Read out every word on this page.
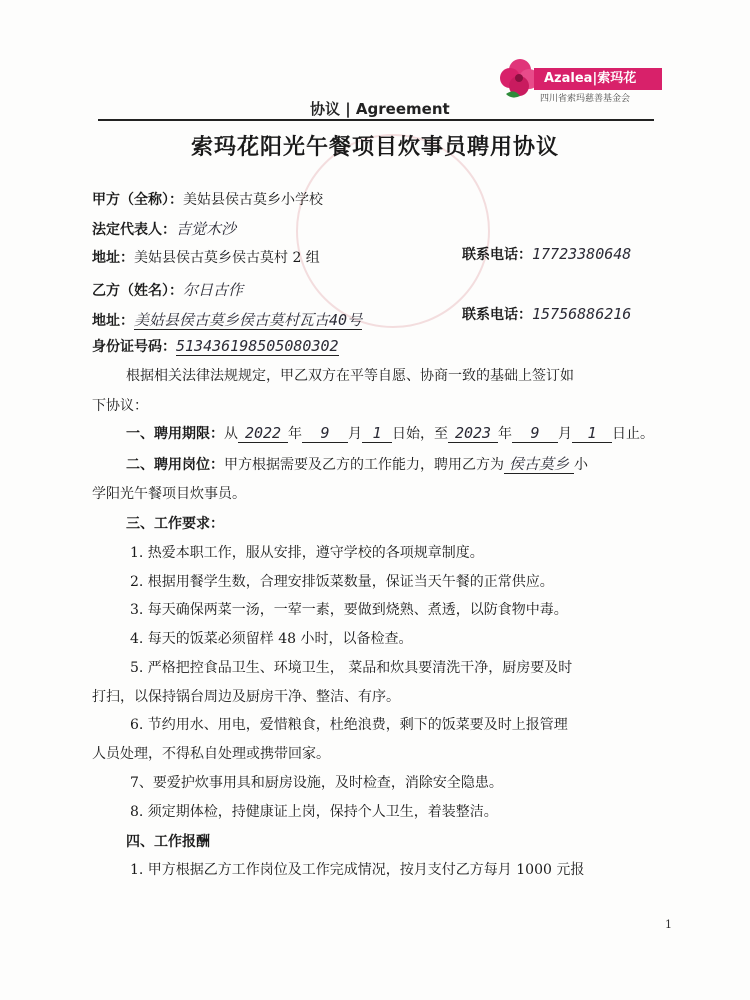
Azalea|索玛花
四川省索玛慈善基金会
协议 | Agreement
索玛花阳光午餐项目炊事员聘用协议
甲方（全称）：美姑县侯古莫乡小学校
法定代表人：吉觉木沙
地址：美姑县侯古莫乡侯古莫村 2 组	联系电话：17723380648
乙方（姓名）：尔日古作
地址：美姑县侯古莫乡侯古莫村瓦古40号	联系电话：15756886216
身份证号码：513436198505080302
根据相关法律法规规定，甲乙双方在平等自愿、协商一致的基础上签订如
下协议：
一、聘用期限：从 2022 年 9 月 1 日始，至 2023 年 9 月 1 日止。
二、聘用岗位：甲方根据需要及乙方的工作能力，聘用乙方为 侯古莫乡 小
学阳光午餐项目炊事员。
三、工作要求：
1. 热爱本职工作，服从安排，遵守学校的各项规章制度。
2. 根据用餐学生数，合理安排饭菜数量，保证当天午餐的正常供应。
3. 每天确保两菜一汤，一荤一素，要做到烧熟、煮透，以防食物中毒。
4. 每天的饭菜必须留样 48 小时，以备检查。
5. 严格把控食品卫生、环境卫生， 菜品和炊具要清洗干净，厨房要及时
打扫，以保持锅台周边及厨房干净、整洁、有序。
6. 节约用水、用电，爱惜粮食，杜绝浪费，剩下的饭菜要及时上报管理
人员处理，不得私自处理或携带回家。
7、要爱护炊事用具和厨房设施，及时检查，消除安全隐患。
8. 须定期体检，持健康证上岗，保持个人卫生，着装整洁。
四、工作报酬
1. 甲方根据乙方工作岗位及工作完成情况，按月支付乙方每月 1000 元报
1
